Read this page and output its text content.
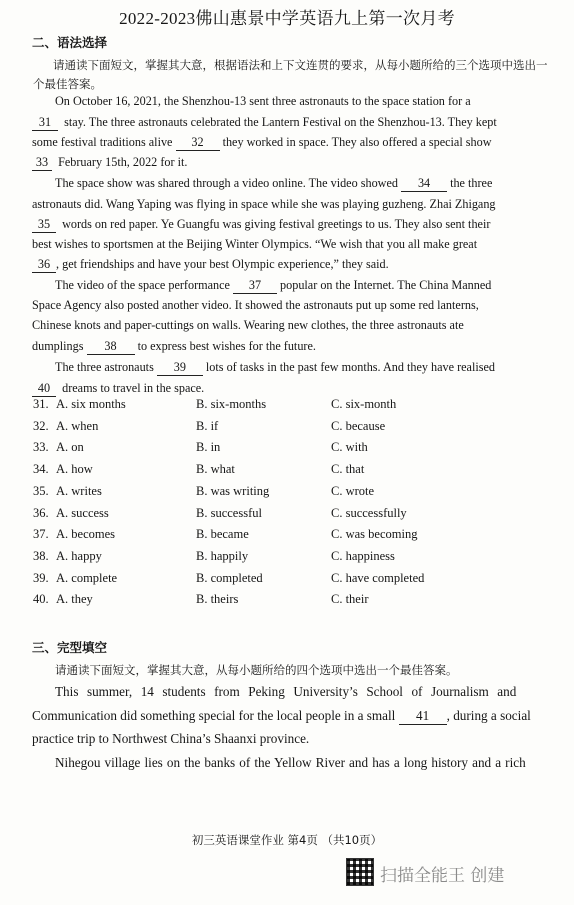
2022-2023佛山惠景中学英语九上第一次月考
二、语法选择
请通读下面短文，掌握其大意，根据语法和上下文连贯的要求，从每小题所给的三个选项中选出一
个最佳答案。
On October 16, 2021, the Shenzhou-13 sent three astronauts to the space station for a
31 stay. The three astronauts celebrated the Lantern Festival on the Shenzhou-13. They kept
some festival traditions alive 32 they worked in space. They also offered a special show
33 February 15th, 2022 for it.
The space show was shared through a video online. The video showed 34 the three
astronauts did. Wang Yaping was flying in space while she was playing guzheng. Zhai Zhigang
35 words on red paper. Ye Guangfu was giving festival greetings to us. They also sent their
best wishes to sportsmen at the Beijing Winter Olympics. “We wish that you all make great
36 , get friendships and have your best Olympic experience,” they said.
The video of the space performance 37 popular on the Internet. The China Manned
Space Agency also posted another video. It showed the astronauts put up some red lanterns,
Chinese knots and paper-cuttings on walls. Wearing new clothes, the three astronauts ate
dumplings 38 to express best wishes for the future.
The three astronauts 39 lots of tasks in the past few months. And they have realised
40 dreams to travel in the space.
31. A. six months	B. six-months	C. six-month
32. A. when	B. if	C. because
33. A. on	B. in	C. with
34. A. how	B. what	C. that
35. A. writes	B. was writing	C. wrote
36. A. success	B. successful	C. successfully
37. A. becomes	B. became	C. was becoming
38. A. happy	B. happily	C. happiness
39. A. complete	B. completed	C. have completed
40. A. they	B. theirs	C. their
三、完型填空
请通读下面短文，掌握其大意，从每小题所给的四个选项中选出一个最佳答案。
This summer, 14 students from Peking University’s School of Journalism and
Communication did something special for the local people in a small 41 , during a social
practice trip to Northwest China’s Shaanxi province.
Nihegou village lies on the banks of the Yellow River and has a long history and a rich
初三英语课堂作业 第4页 （共10页）
扫描全能王 创建
